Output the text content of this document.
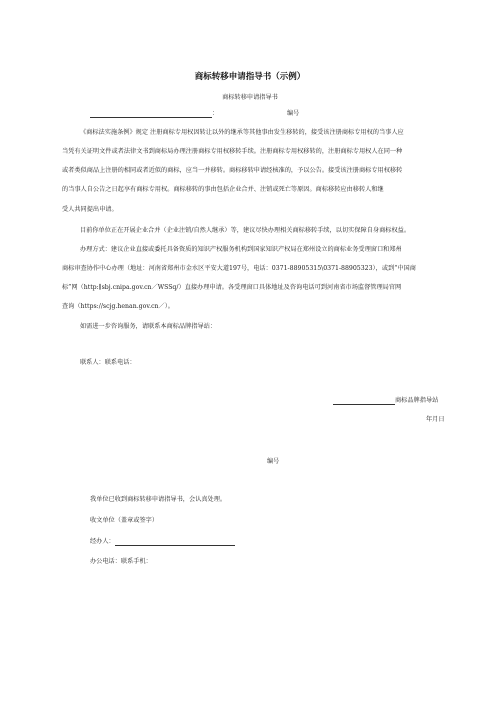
商标转移申请指导书（示例）
商标转移申请指导书
：	编号
《商标法实施条例》规定 注册商标专用权因转让以外的继承等其他事由发生移转的，接受该注册商标专用权的当事人应
当凭有关证明文件或者法律文书到商标局办理注册商标专用权移转手续。注册商标专用权移转的，注册商标专用权人在同一种
或者类似商品上注册的相同或者近似的商标，应当一并移转。商标移转申请经核准的，予以公告。接受该注册商标专用权移转
的当事人自公告之日起享有商标专用权。商标移转的事由包括企业合并、注销或死亡等原因。商标移转应由移转人和继
受人共同提出申请。
目前你单位正在开展企业合并（企业注销/自然人继承）等，建议尽快办理相关商标移转手续，以切实保障自身商标权益。
办理方式：建议企业直接或委托具备资质的知识产权服务机构到国家知识产权局在郑州设立的商标业务受理窗口和郑州
商标审查协作中心办理（地址：河南省郑州市金水区平安大道197号，电话：0371-88905315\0371-88905323），或到“中国商
标”网（http:∥sbj.cnipa.gov.cn／WSSq/）直接办理申请。各受理窗口具体地址及咨询电话可到河南省市场监督管理局官网
查询（https://scjg.henan.gov.cn／）。
如需进一步咨询服务，请联系本商标品牌指导站：
联系人：联系电话：
商标品牌指导站
年月日
编号
我单位已收到商标转移申请指导书，会认真处理。
收文单位（盖章或签字）
经办人：
办公电话：联系手机：
